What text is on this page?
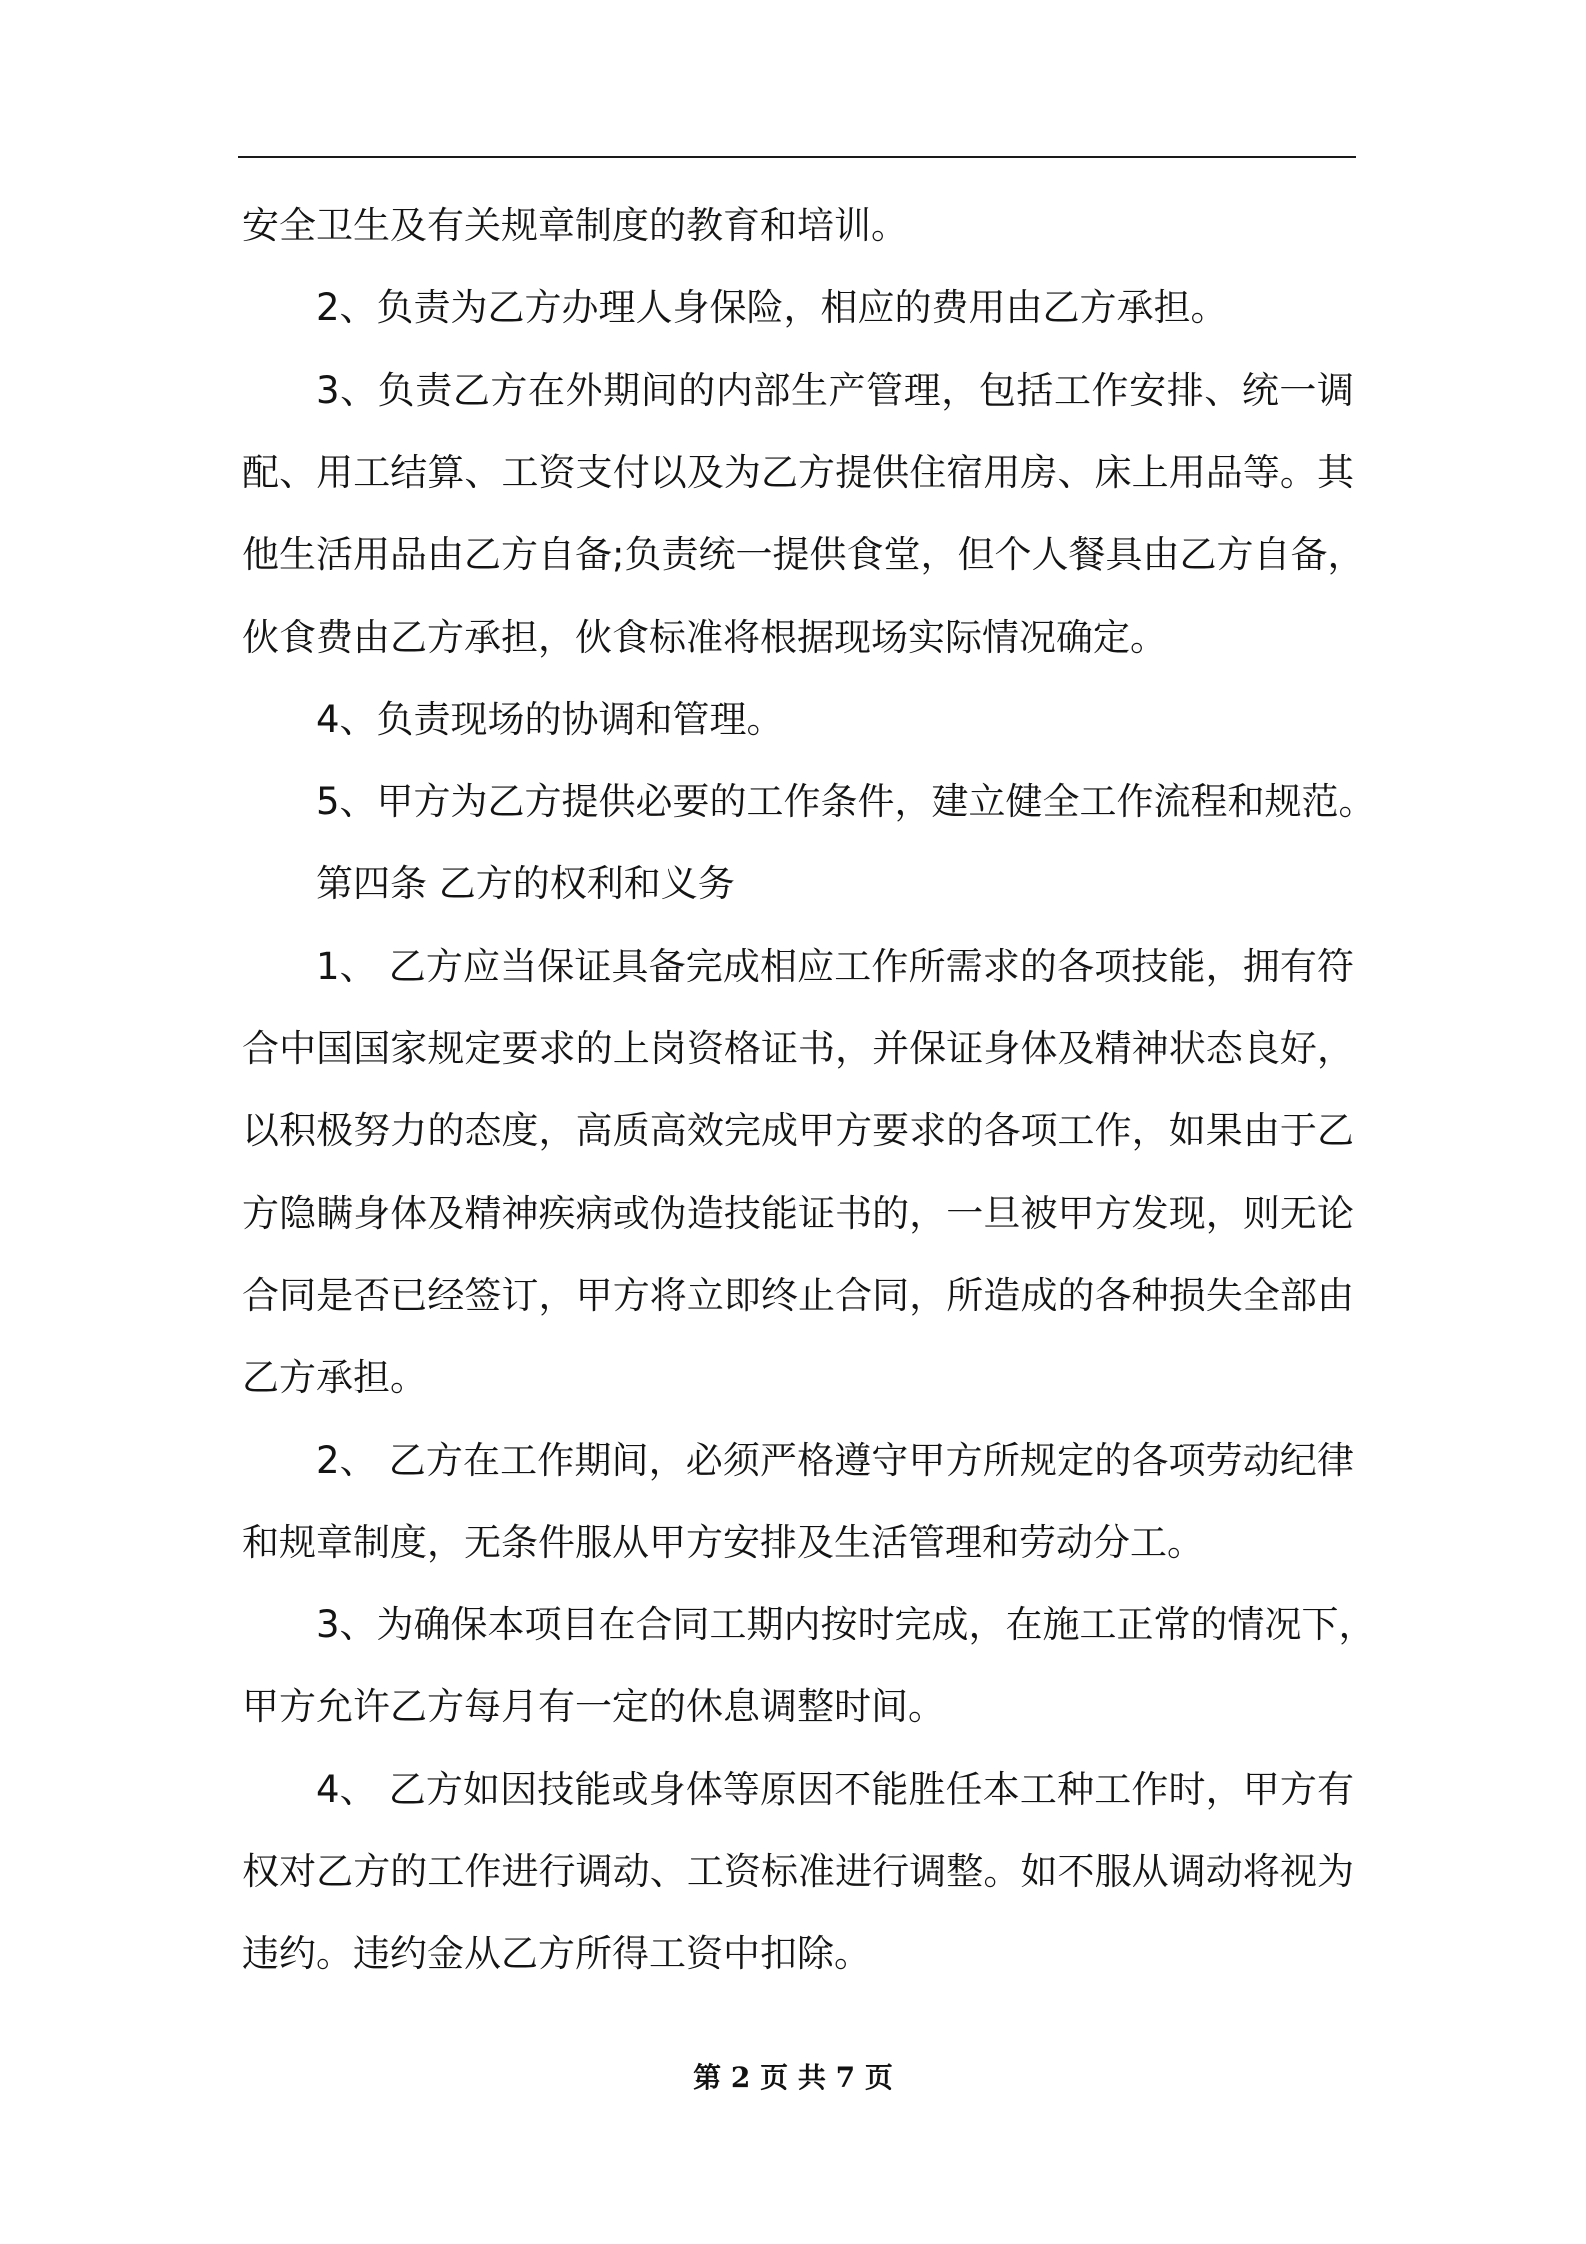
安全卫生及有关规章制度的教育和培训。
2、负责为乙方办理人身保险，相应的费用由乙方承担。
3、负责乙方在外期间的内部生产管理，包括工作安排、统一调
配、用工结算、工资支付以及为乙方提供住宿用房、床上用品等。其
他生活用品由乙方自备;负责统一提供食堂，但个人餐具由乙方自备，
伙食费由乙方承担，伙食标准将根据现场实际情况确定。
4、负责现场的协调和管理。
5、甲方为乙方提供必要的工作条件，建立健全工作流程和规范。
第四条 乙方的权利和义务
1、 乙方应当保证具备完成相应工作所需求的各项技能，拥有符
合中国国家规定要求的上岗资格证书，并保证身体及精神状态良好，
以积极努力的态度，高质高效完成甲方要求的各项工作，如果由于乙
方隐瞒身体及精神疾病或伪造技能证书的，一旦被甲方发现，则无论
合同是否已经签订，甲方将立即终止合同，所造成的各种损失全部由
乙方承担。
2、 乙方在工作期间，必须严格遵守甲方所规定的各项劳动纪律
和规章制度，无条件服从甲方安排及生活管理和劳动分工。
3、为确保本项目在合同工期内按时完成，在施工正常的情况下，
甲方允许乙方每月有一定的休息调整时间。
4、 乙方如因技能或身体等原因不能胜任本工种工作时，甲方有
权对乙方的工作进行调动、工资标准进行调整。如不服从调动将视为
违约。违约金从乙方所得工资中扣除。
第 2 页 共 7 页
